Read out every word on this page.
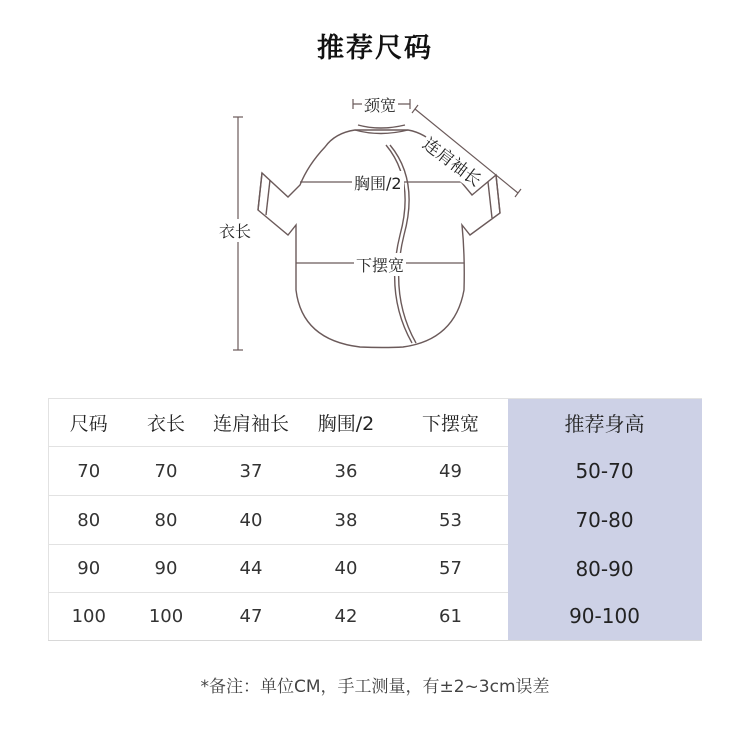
推荐尺码
颈宽
连肩袖长
胸围/2
衣长
下摆宽
尺码	衣长	连肩袖长	胸围/2	下摆宽	推荐身高
70	70	37	36	49	50-70
80	80	40	38	53	70-80
90	90	44	40	57	80-90
100	100	47	42	61	90-100
*备注：单位CM，手工测量，有±2~3cm误差
